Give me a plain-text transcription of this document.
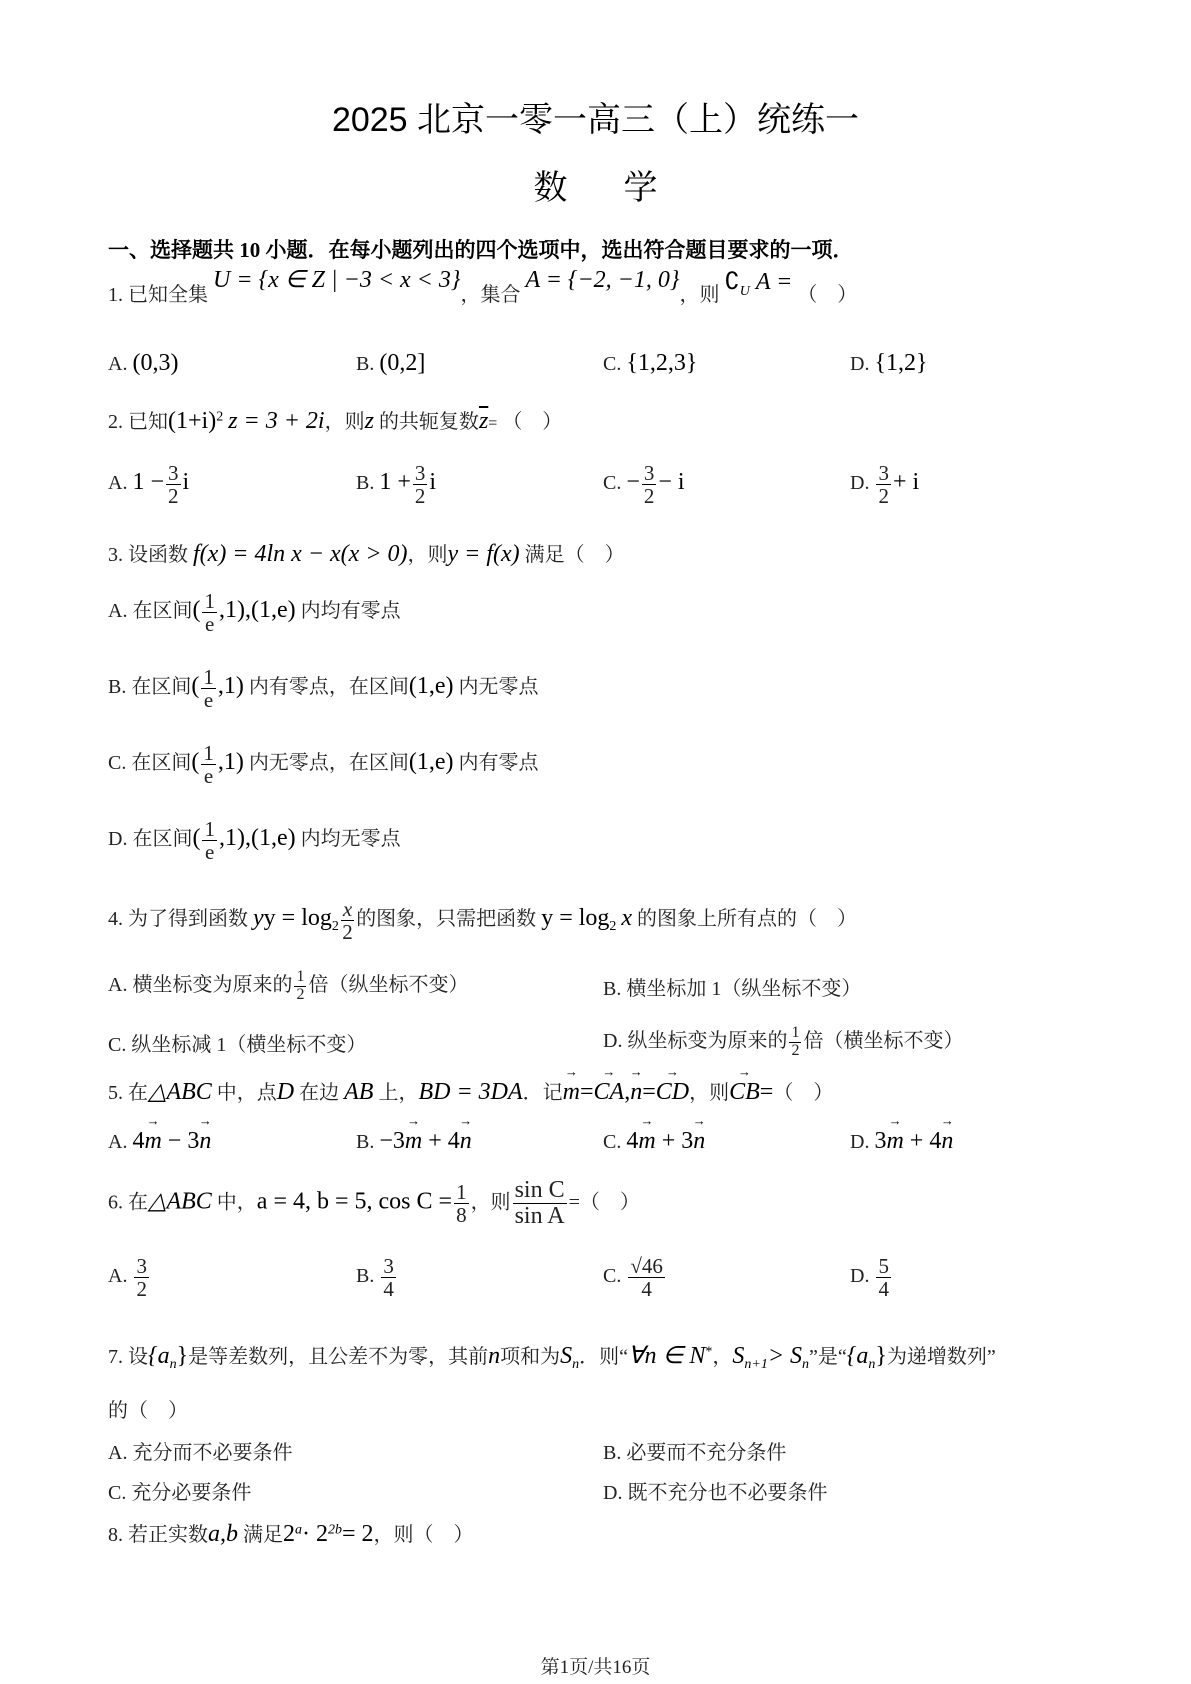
2025 北京一零一高三（上）统练一
数学
一、选择题共 10 小题．在每小题列出的四个选项中，选出符合题目要求的一项．
1. 已知全集 U = {x ∈ Z | −3 < x < 3}，集合 A = {−2, −1, 0}，则 $∁_U$ A = （　）
A. (0,3)	B. (0,2]	C. {1,2,3}	D. {1,2}
2. 已知$(1+i)^2$ z = 3 + 2i，则z 的共轭复数$\overline{z}=$ （　）
A. $1 - \frac{3}{2}$ i	B. $1 + \frac{3}{2}$ i	C. − $\frac{3}{2} - i$	D. $\frac{3}{2} + i$
3. 设函数 f(x) = 4ln x − x(x > 0)，则y = f(x) 满足（　）
A. 在区间( $\frac{1}{e} ,1),(1,e)$ 内均有零点
B. 在区间( $\frac{1}{e} ,1$) 内有零点，在区间(1,e) 内无零点
C. 在区间( $\frac{1}{e} ,1$) 内无零点，在区间(1,e) 内有零点
D. 在区间( $\frac{1}{e} ,1),(1,e)$ 内均无零点
4. 为了得到函数 yy = $\log_2 \frac{x}{2}$ 的图象，只需把函数 $y = \log_2 x$ 的图象上所有点的（　）
A. 横坐标变为原来的 $\frac{1}{2}$ 倍（纵坐标不变）	B. 横坐标加 1（纵坐标不变）
C. 纵坐标减 1（横坐标不变）	D. 纵坐标变为原来的 $\frac{1}{2}$ 倍（横坐标不变）
5. 在△ABC 中，点D 在边 AB 上，BD = 3DA．记→ m=→ CA,→ n=→ CD，则→ CB=（　）
A. 4→ m − 3→ n	B. −3→ m + 4→ n	C. 4→ m + 3→ n	D. 3→ m + 4→ n
6. 在△ABC 中，a = 4, b = 5, $\cos C = \frac{1}{8}$ ，则 $\frac{\text{sin C}}{\text{sin A}}$ =（　）
A. $\frac{3}{2}$	B. $\frac{3}{4}$	C. $\frac{√46}{4}$	D. $\frac{5}{4}$
7. 设$\{a_n\}$是等差数列，且公差不为零，其前n项和为$S_n$．则“∀n ∈ N*，$S_{n+1}> S_n$”是“$\{a_n\}$为递增数列”
的（　）
A. 充分而不必要条件	B. 必要而不充分条件
C. 充分必要条件	D. 既不充分也不必要条件
8. 若正实数a,b 满足$2^a\cdot 2^{2b}= 2$，则（　）
第1页/共16页
